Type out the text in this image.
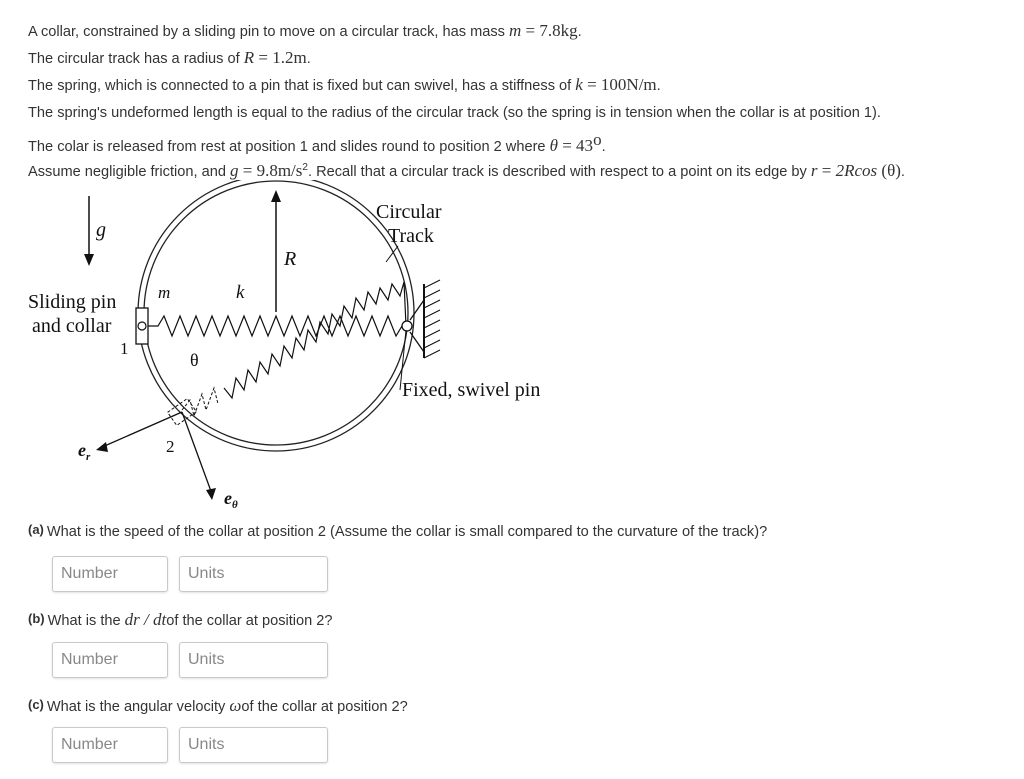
A collar, constrained by a sliding pin to move on a circular track, has mass m = 7.8kg.

The circular track has a radius of R = 1.2m.

The spring, which is connected to a pin that is fixed but can swivel, has a stiffness of k = 100N/m.

The spring's undeformed length is equal to the radius of the circular track (so the spring is in tension when the collar is at position 1).

The colar is released from rest at position 1 and slides round to position 2 where $\theta = 43^o$.

Assume negligible friction, and $g = 9.8m/s^2$. Recall that a circular track is described with respect to a point on its edge by r = 2Rcos (θ).

g
R
Circular
Track
m	k
Sliding pin
and collar
1
θ
Fixed, swivel pin
2
$e_r$
$e_\theta$
(a) What is the speed of the collar at position 2 (Assume the collar is small compared to the curvature of the track)?
Number
Units
(b) What is the dr / dtof the collar at position 2?
Number
Units
(c) What is the angular velocity ωof the collar at position 2?
Number
Units
